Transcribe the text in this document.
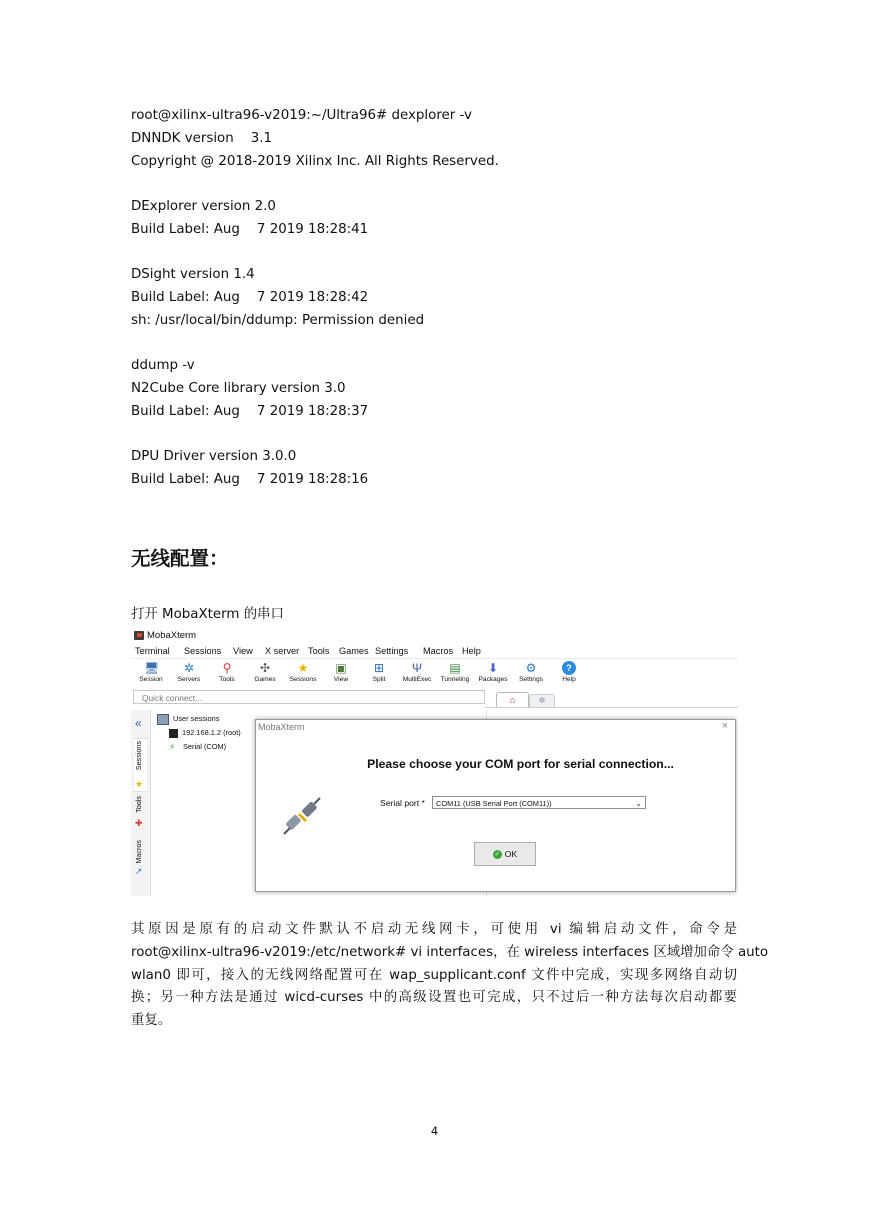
root@xilinx-ultra96-v2019:~/Ultra96# dexplorer -v
DNNDK version    3.1
Copyright @ 2018-2019 Xilinx Inc. All Rights Reserved.
DExplorer version 2.0
Build Label: Aug    7 2019 18:28:41
DSight version 1.4
Build Label: Aug    7 2019 18:28:42
sh: /usr/local/bin/ddump: Permission denied
ddump -v
N2Cube Core library version 3.0
Build Label: Aug    7 2019 18:28:37
DPU Driver version 3.0.0
Build Label: Aug    7 2019 18:28:16
无线配置：
打开 MobaXterm 的串口
MobaXterm
Terminal Sessions View X server Tools Games Settings Macros Help
🖥
Session
✲
Servers
⚲
Tools
✣
Games
★
Sessions
▣
View
⊞
Split
Ψ
MultiExec
▤
Tunneling
⬇
Packages
⚙
Settings
?
Help
Quick connect...	⌂	✲
«
Sessions
★
Tools
✚
Macros
➚
User sessions
192.168.1.2 (root)
⚡ Serial (COM)
MobaXterm	×
Please choose your COM port for serial connection...
Serial port *	COM11 (USB Serial Port (COM11))	⌄
✓ OK

其原因是原有的启动文件默认不启动无线网卡，可使用 vi 编辑启动文件，命令是

root@xilinx-ultra96-v2019:/etc/network# vi interfaces，在 wireless interfaces 区域增加命令 auto

wlan0 即可，接入的无线网络配置可在 wap_supplicant.conf 文件中完成，实现多网络自动切

换；另一种方法是通过 wicd-curses 中的高级设置也可完成，只不过后一种方法每次启动都要

重复。

4
